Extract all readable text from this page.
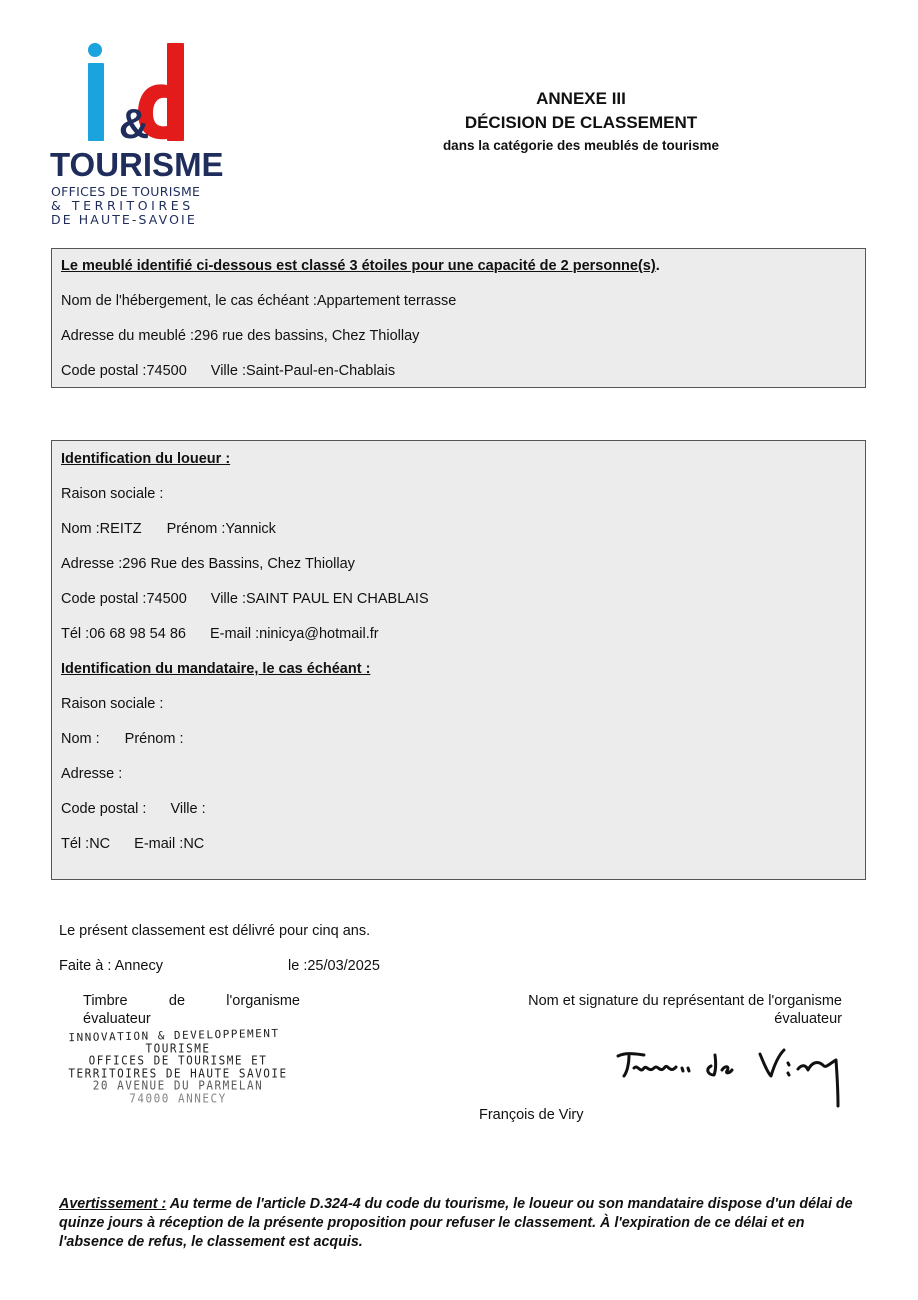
&
TOURISME
OFFICES DE TOURISME
& TERRITOIRES
DE HAUTE-SAVOIE
ANNEXE III
DÉCISION DE CLASSEMENT
dans la catégorie des meublés de tourisme
Le meublé identifié ci-dessous est classé 3 étoiles pour une capacité de 2 personne(s).
Nom de l'hébergement, le cas échéant :Appartement terrasse
Adresse du meublé :296 rue des bassins, Chez Thiollay
Code postal :74500 Ville :Saint-Paul-en-Chablais
Identification du loueur :
Raison sociale :
Nom :REITZ Prénom :Yannick
Adresse :296 Rue des Bassins, Chez Thiollay
Code postal :74500 Ville :SAINT PAUL EN CHABLAIS
Tél :06 68 98 54 86 E-mail :ninicya@hotmail.fr
Identification du mandataire, le cas échéant :
Raison sociale :
Nom : Prénom :
Adresse :
Code postal : Ville :
Tél :NC E-mail :NC
Le présent classement est délivré pour cinq ans.
Faite à : Annecy	le :25/03/2025
Timbre de l'organisme
évaluateur
INNOVATION & DEVELOPPEMENT
TOURISME
OFFICES DE TOURISME ET
TERRITOIRES DE HAUTE SAVOIE
20 AVENUE DU PARMELAN
74000 ANNECY
Nom et signature du représentant de l'organisme
évaluateur
François de Viry
Avertissement : Au terme de l'article D.324-4 du code du tourisme, le loueur ou son mandataire dispose d'un délai de
quinze jours à réception de la présente proposition pour refuser le classement. À l'expiration de ce délai et en
l'absence de refus, le classement est acquis.
